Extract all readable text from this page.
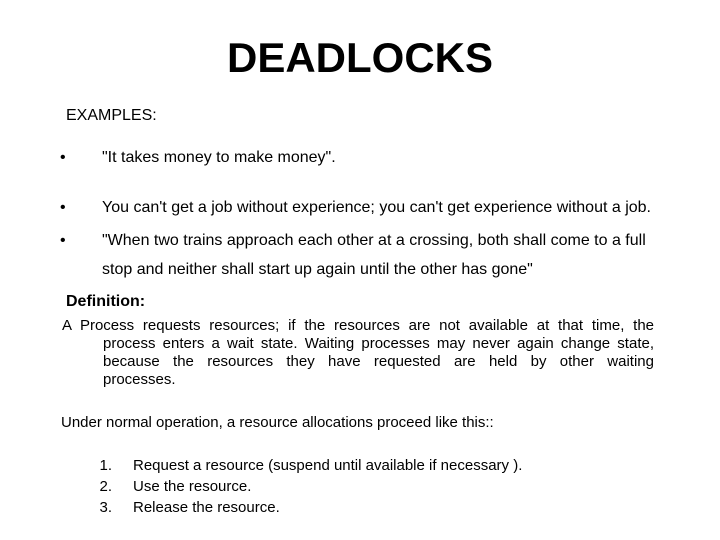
DEADLOCKS
EXAMPLES:
• "It takes money to make money".
• You can't get a job without experience; you can't get experience without a job.
• "When two trains approach each other at a crossing, both shall come to a full
stop and neither shall start up again until the other has gone"
Definition:
A Process requests resources; if the resources are not available at that time, the
process enters a wait state. Waiting processes may never again change state,
because the resources they have requested are held by other waiting
processes.
Under normal operation, a resource allocations proceed like this::
1. Request a resource (suspend until available if necessary ).
2. Use the resource.
3. Release the resource.
